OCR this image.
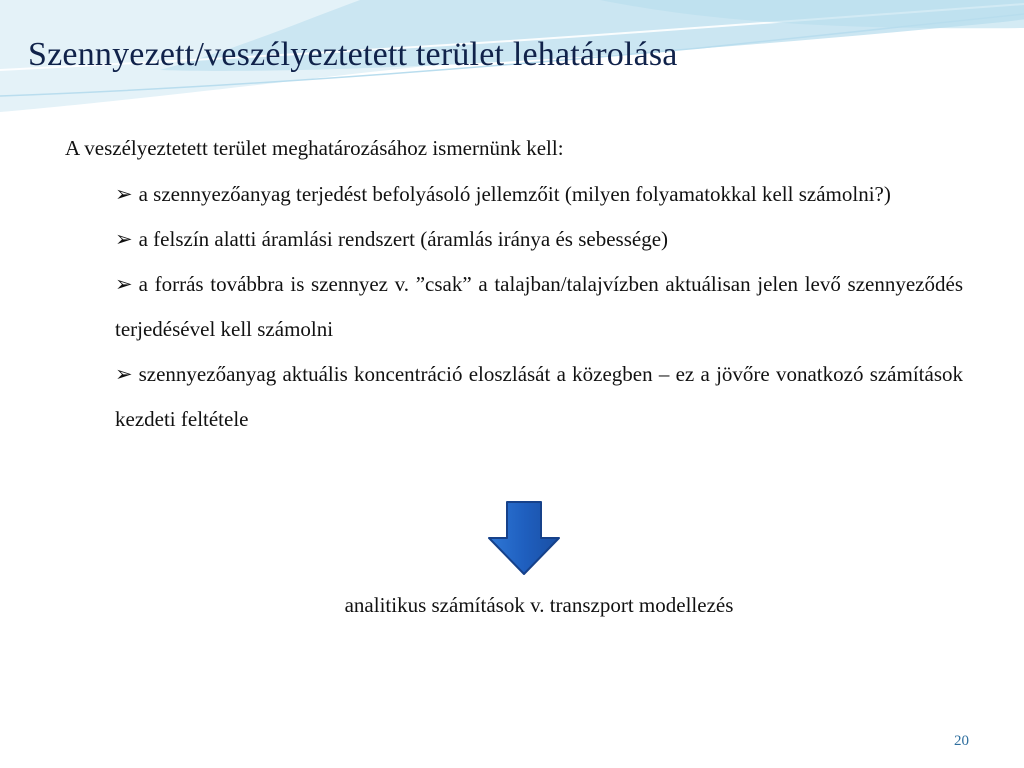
Szennyezett/veszélyeztetett terület lehatárolása

A veszélyeztetett terület meghatározásához ismernünk kell:

➢ a szennyezőanyag terjedést befolyásoló jellemzőit (milyen folyamatokkal kell számolni?)
➢ a felszín alatti áramlási rendszert (áramlás iránya és sebessége)
➢ a forrás továbbra is szennyez v. ”csak” a talajban/talajvízben aktuálisan jelen levő szennyeződés terjedésével kell számolni
➢ szennyezőanyag aktuális koncentráció eloszlását a közegben – ez a jövőre vonatkozó számítások kezdeti feltétele

analitikus számítások v. transzport modellezés

20
